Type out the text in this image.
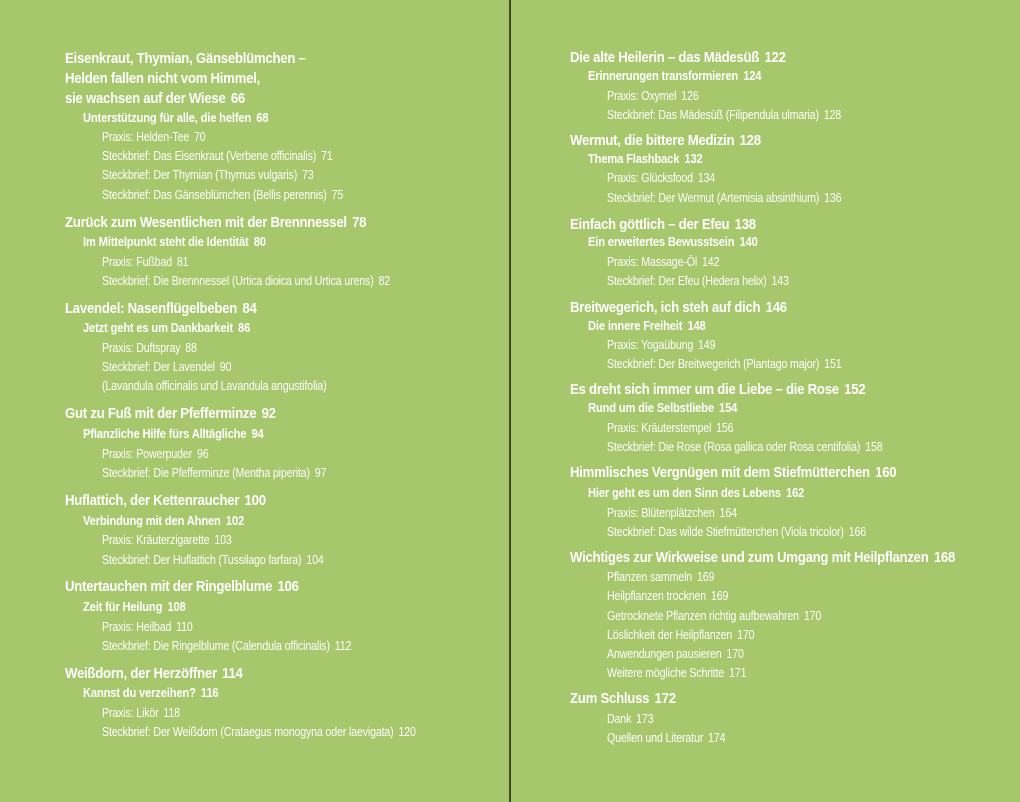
Eisenkraut, Thymian, Gänseblümchen –
Helden fallen nicht vom Himmel,
sie wachsen auf der Wiese 66
Unterstützung für alle, die helfen 68
Praxis: Helden-Tee 70
Steckbrief: Das Eisenkraut (Verbene officinalis) 71
Steckbrief: Der Thymian (Thymus vulgaris) 73
Steckbrief: Das Gänseblümchen (Bellis perennis) 75
Zurück zum Wesentlichen mit der Brennnessel 78
Im Mittelpunkt steht die Identität 80
Praxis: Fußbad 81
Steckbrief: Die Brennnessel (Urtica dioica und Urtica urens) 82
Lavendel: Nasenflügelbeben 84
Jetzt geht es um Dankbarkeit 86
Praxis: Duftspray 88
Steckbrief: Der Lavendel 90
(Lavandula officinalis und Lavandula angustifolia)
Gut zu Fuß mit der Pfefferminze 92
Pflanzliche Hilfe fürs Alltägliche 94
Praxis: Powerpuder 96
Steckbrief: Die Pfefferminze (Mentha piperita) 97
Huflattich, der Kettenraucher 100
Verbindung mit den Ahnen 102
Praxis: Kräuterzigarette 103
Steckbrief: Der Huflattich (Tussilago farfara) 104
Untertauchen mit der Ringelblume 106
Zeit für Heilung 108
Praxis: Heilbad 110
Steckbrief: Die Ringelblume (Calendula officinalis) 112
Weißdorn, der Herzöffner 114
Kannst du verzeihen? 116
Praxis: Likör 118
Steckbrief: Der Weißdorn (Crataegus monogyna oder laevigata) 120
Die alte Heilerin – das Mädesüß 122
Erinnerungen transformieren 124
Praxis: Oxymel 126
Steckbrief: Das Mädesüß (Filipendula ulmaria) 128
Wermut, die bittere Medizin 128
Thema Flashback 132
Praxis: Glücksfood 134
Steckbrief: Der Wermut (Artemisia absinthium) 136
Einfach göttlich – der Efeu 138
Ein erweitertes Bewusstsein 140
Praxis: Massage-Öl 142
Steckbrief: Der Efeu (Hedera helix) 143
Breitwegerich, ich steh auf dich 146
Die innere Freiheit 148
Praxis: Yogaübung 149
Steckbrief: Der Breitwegerich (Plantago major) 151
Es dreht sich immer um die Liebe – die Rose 152
Rund um die Selbstliebe 154
Praxis: Kräuterstempel 156
Steckbrief: Die Rose (Rosa gallica oder Rosa centifolia) 158
Himmlisches Vergnügen mit dem Stiefmütterchen 160
Hier geht es um den Sinn des Lebens 162
Praxis: Blütenplätzchen 164
Steckbrief: Das wilde Stiefmütterchen (Viola tricolor) 166
Wichtiges zur Wirkweise und zum Umgang mit Heilpflanzen 168
Pflanzen sammeln 169
Heilpflanzen trocknen 169
Getrocknete Pflanzen richtig aufbewahren 170
Löslichkeit der Heilpflanzen 170
Anwendungen pausieren 170
Weitere mögliche Schritte 171
Zum Schluss 172
Dank 173
Quellen und Literatur 174
